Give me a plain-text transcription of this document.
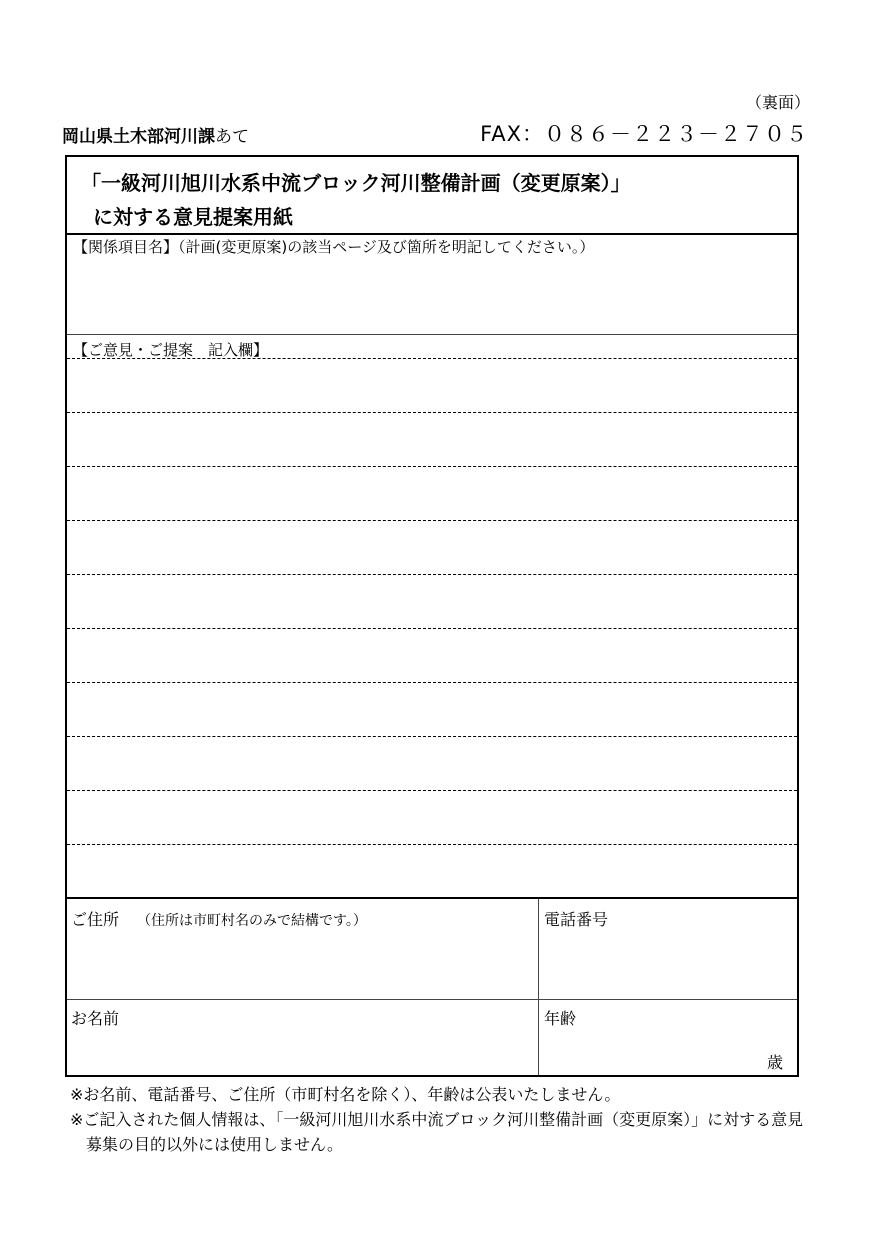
（裏面）
岡山県土木部河川課あて	FAX：０８６－２２３－２７０５
「一級河川旭川水系中流ブロック河川整備計画（変更原案）」
に対する意見提案用紙
【関係項目名】（計画(変更原案)の該当ページ及び箇所を明記してください。）
【ご意見・ご提案　記入欄】
ご住所 （住所は市町村名のみで結構です。）	電話番号
お名前	年齢
歳
※お名前、電話番号、ご住所（市町村名を除く）、年齢は公表いたしません。
※ご記入された個人情報は、「一級河川旭川水系中流ブロック河川整備計画（変更原案）」に対する意見募集の目的以外には使用しません。
